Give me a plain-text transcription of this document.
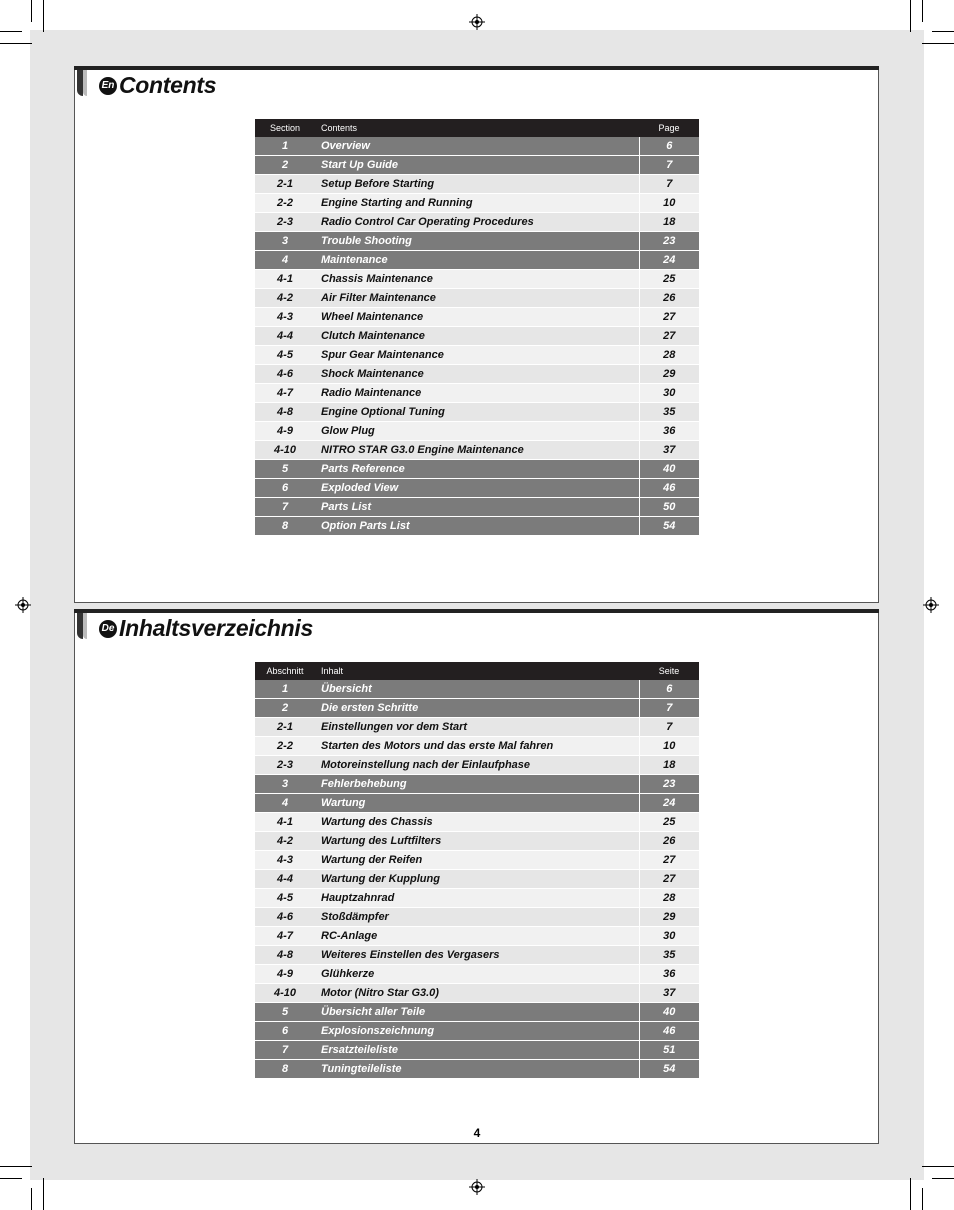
En Contents
Section	Contents	Page
1	Overview	6
2	Start Up Guide	7
2-1	Setup Before Starting	7
2-2	Engine Starting and Running	10
2-3	Radio Control Car Operating Procedures	18
3	Trouble Shooting	23
4	Maintenance	24
4-1	Chassis Maintenance	25
4-2	Air Filter Maintenance	26
4-3	Wheel Maintenance	27
4-4	Clutch Maintenance	27
4-5	Spur Gear Maintenance	28
4-6	Shock Maintenance	29
4-7	Radio Maintenance	30
4-8	Engine Optional Tuning	35
4-9	Glow Plug	36
4-10	NITRO STAR G3.0 Engine Maintenance	37
5	Parts Reference	40
6	Exploded View	46
7	Parts List	50
8	Option Parts List	54
De Inhaltsverzeichnis
Abschnitt	Inhalt	Seite
1	Übersicht	6
2	Die ersten Schritte	7
2-1	Einstellungen vor dem Start	7
2-2	Starten des Motors und das erste Mal fahren	10
2-3	Motoreinstellung nach der Einlaufphase	18
3	Fehlerbehebung	23
4	Wartung	24
4-1	Wartung des Chassis	25
4-2	Wartung des Luftfilters	26
4-3	Wartung der Reifen	27
4-4	Wartung der Kupplung	27
4-5	Hauptzahnrad	28
4-6	Stoßdämpfer	29
4-7	RC-Anlage	30
4-8	Weiteres Einstellen des Vergasers	35
4-9	Glühkerze	36
4-10	Motor (Nitro Star G3.0)	37
5	Übersicht aller Teile	40
6	Explosionszeichnung	46
7	Ersatzteileliste	51
8	Tuningteileliste	54
4
